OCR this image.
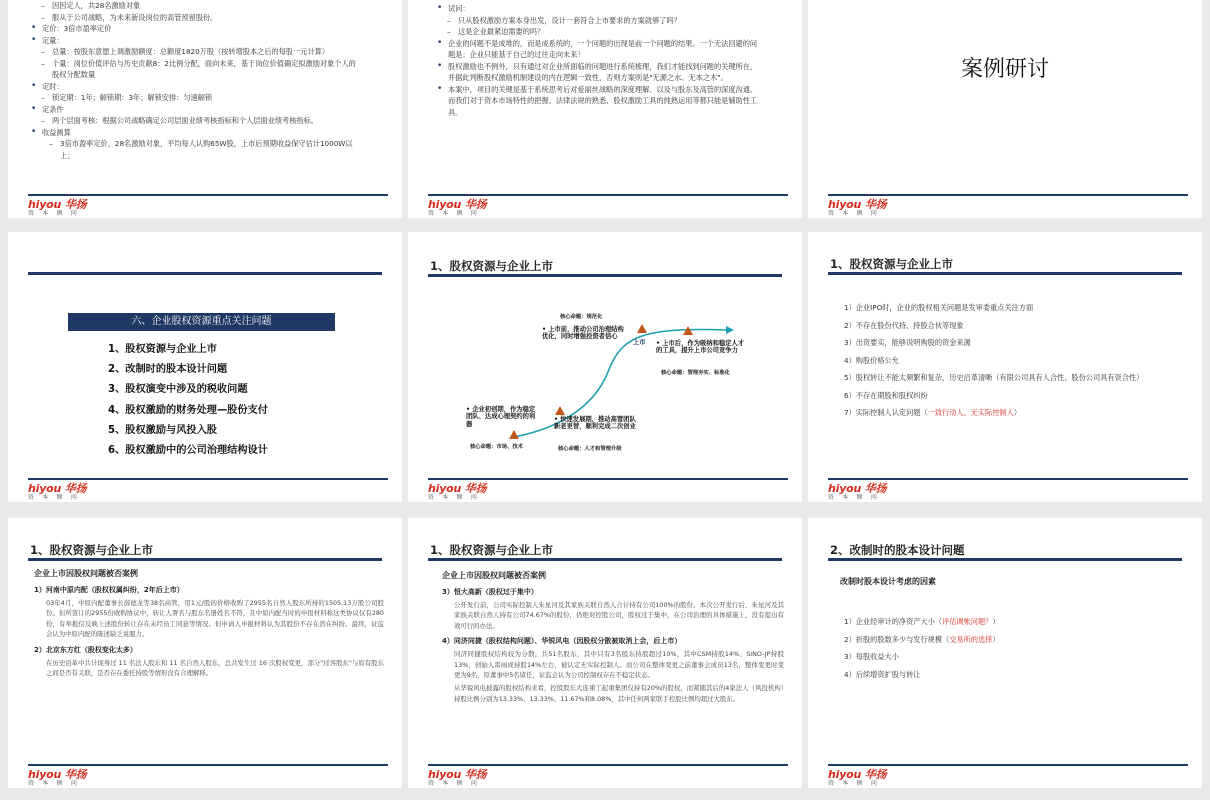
– 因因定人，共28名激励对象
– 服从于公司战略，为未来新设岗位的高管预留股份。
• 定价：3倍市盈率定价
• 定量：
– 总量：按股东意愿上调激励额度：总额度1820万股（按转增股本之后的每股一元计算）
– 个量：岗位价值评估与历史贡献8：2比例分配，面向未来，基于岗位价值确定拟激励对象个人的股权分配数量
• 定时：
– 锁定期：1年；解锁期：3年；解锁安排：匀速解锁
• 定条件
– 两个层面考核：根据公司战略确定公司层面业绩考核指标和个人层面业绩考核指标。
• 收益测算
– 3倍市盈率定价，28名激励对象，平均每人认购65W股，上市后预期收益保守估计1000W以上；
hiyou 华扬
资 本 顾 问
• 试问：
– 只从股权激励方案本身出发，设计一套符合上市要求的方案就够了吗？
– 这是企业最紧迫需要的吗？
• 企业的问题不是成堆的，而是成系统的，一个问题的出现是前一个问题的结果。一个无法回避的问题是：企业只能基于自己的过往走向未来！
• 股权激励也不例外，只有通过对企业所面临的问题进行系统梳理，我们才能找到问题的关键所在，并据此判断股权激励机制建设的内在逻辑一致性，否则方案则是"无源之水、无本之木"。
• 本案中，项目的关键是基于系统思考后对爱丽丝战略的深度理解、以及与股东及高管的深度沟通。而我们对于资本市场特性的把握、法律法规的熟悉、股权激励工具的纯熟运用等都只能是辅助性工具。
hiyou 华扬
资 本 顾 问
案例研讨
hiyou 华扬
资 本 顾 问
六、企业股权资源重点关注问题
1、股权资源与企业上市
2、改制时的股本设计问题
3、股权演变中涉及的税收问题
4、股权激励的财务处理—股份支付
5、股权激励与风投入股
6、股权激励中的公司治理结构设计
hiyou 华扬
资 本 顾 问
1、股权资源与企业上市
上市
核心命题：规范化
• 上市前，推动公司治理结构优化，同时增强投资者信心
• 上市后，作为吸纳和稳定人才的工具，提升上市公司竞争力
核心命题：管理夯实、标准化
• 企业初创期，作为稳定团队、达成心理契约的利器
• 快速发展期，推动高管团队新老更替，顺利完成二次创业
核心命题：市场、技术	核心命题：人才和管理升级
hiyou 华扬
资 本 顾 问
1、股权资源与企业上市
1）企业IPO时，企业的股权相关问题是发审委重点关注方面
2）不存在股份代持、持股合伙等现象
3）出资要实，能够说明购股的资金来源
4）购股价格公允
5）股权转让不能太频繁和复杂，历史沿革清晰（有限公司具有人合性、股份公司具有资合性）
6）不存在期股和股权纠纷
7）实际控制人认定问题（一致行动人、无实际控制人）
hiyou 华扬
资 本 顾 问
1、股权资源与企业上市
企业上市因股权问题被否案例
1）河南中原内配（股权权属纠纷，2年后上市）
03年4月，中原内配董事长薛德龙等38名高管，用1元/股的价格收购了2955名自然人股东所持的1505.13万股公司股份。但所签订的2955份收购协议中，转让人署名与股东名册姓名不符，且中原内配当时的申报材料称这类协议仅有280份，有举报信反映上述股份转让存在未经员工同意等情况。但申请人申报材料认为其股份不存在潜在纠纷。最终，证监会认为中原内配的陈述缺乏说服力。
2）北京东方红（股权变化太多）
在历史沿革中共计现身过 11 名法人股东和 11 名自然人股东，总共发生过 16 次股权变更，部分"过客股东"与原有股东之间是否有关联，是否存在委托持股等情形没有合理解释。
hiyou 华扬
资 本 顾 问
1、股权资源与企业上市
企业上市因股权问题被否案例
3）恒大高新（股权过于集中）
公开发行前，公司实际控制人朱星河及其家族关联自然人合计持有公司100%的股份。本次公开发行后，朱星河及其家族关联自然人持有公司74.67%的股份，仍绝对控股公司，股权过于集中，在公司治理的具体措施上，没有提出有效可行的办法。
4）同济同捷（股权结构问题）、华锐风电（因股权分散被取消上会，后上市）
同济同捷股权结构较为分散，共51名股东，其中只有3名股东持股超过10%，其中CSM持股14%、SINO-JP持股13%，创始人雷雨成持股14%左右，被认定无实际控制人。而公司在整体变更之前董事会成员13名，整体变更时变更为9名，原董事中5名留任，证监会认为公司控制权存在不稳定状态。
从华锐风电披露的股权结构来看，控股股东大连重工起重集团仅持有20%的股权，而紧随其后的4家法人（风投机构）持股比例分别为13.33%、13.33%、11.67%和8.08%，其中任何两家联手控股比例均超过大股东。
hiyou 华扬
资 本 顾 问
2、改制时的股本设计问题
改制时股本设计考虑的因素
1）企业经审计的净资产大小（评估调帐问题？）
2）折股的股数多少与发行规模（交易所的选择）
3）每股收益大小
4）后续增资扩股与转让
hiyou 华扬
资 本 顾 问
